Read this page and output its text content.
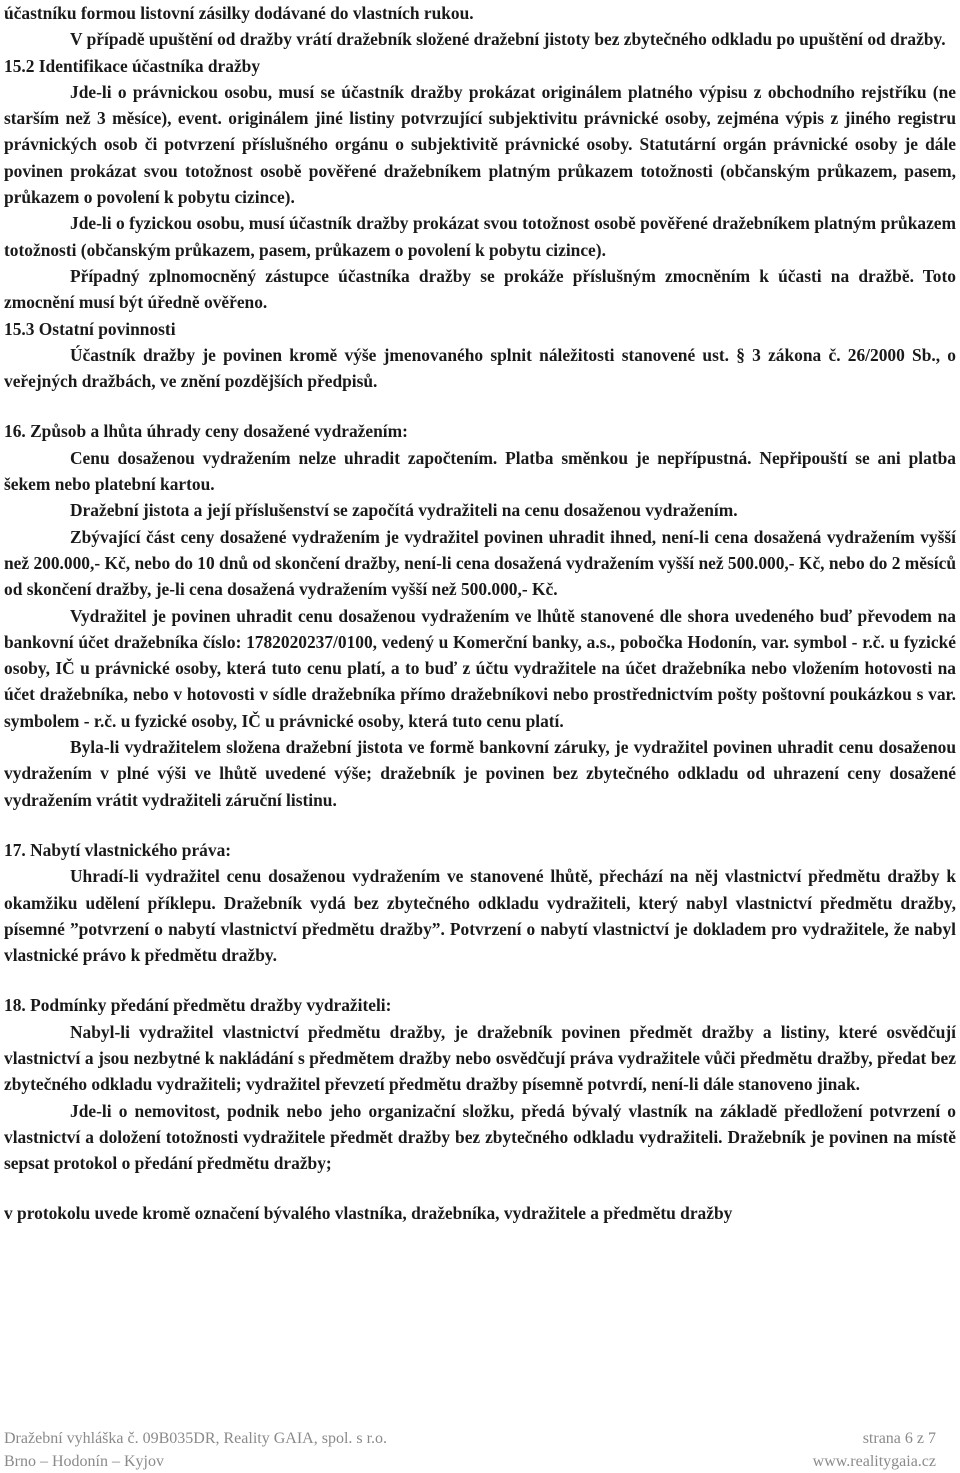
účastníku formou listovní zásilky dodávané do vlastních rukou.

V případě upuštění od dražby vrátí dražebník složené dražební jistoty bez zbytečného odkladu po upuštění od dražby.

15.2 Identifikace účastníka dražby

Jde-li o právnickou osobu, musí se účastník dražby prokázat originálem platného výpisu z obchodního rejstříku (ne starším než 3 měsíce), event. originálem jiné listiny potvrzující subjektivitu právnické osoby, zejména výpis z jiného registru právnických osob či potvrzení příslušného orgánu o subjektivitě právnické osoby. Statutární orgán právnické osoby je dále povinen prokázat svou totožnost osobě pověřené dražebníkem platným průkazem totožnosti (občanským průkazem, pasem, průkazem o povolení k pobytu cizince).

Jde-li o fyzickou osobu, musí účastník dražby prokázat svou totožnost osobě pověřené dražebníkem platným průkazem totožnosti (občanským průkazem, pasem, průkazem o povolení k pobytu cizince).

Případný zplnomocněný zástupce účastníka dražby se prokáže příslušným zmocněním k účasti na dražbě. Toto zmocnění musí být úředně ověřeno.

15.3 Ostatní povinnosti

Účastník dražby je povinen kromě výše jmenovaného splnit náležitosti stanovené ust. § 3 zákona č. 26/2000 Sb., o veřejných dražbách, ve znění pozdějších předpisů.

16. Způsob a lhůta úhrady ceny dosažené vydražením:

Cenu dosaženou vydražením nelze uhradit započtením. Platba směnkou je nepřípustná. Nepřipouští se ani platba šekem nebo platební kartou.

Dražební jistota a její příslušenství se započítá vydražiteli na cenu dosaženou vydražením.

Zbývající část ceny dosažené vydražením je vydražitel povinen uhradit ihned, není-li cena dosažená vydražením vyšší než 200.000,- Kč, nebo do 10 dnů od skončení dražby, není-li cena dosažená vydražením vyšší než 500.000,- Kč, nebo do 2 měsíců od skončení dražby, je-li cena dosažená vydražením vyšší než 500.000,- Kč.

Vydražitel je povinen uhradit cenu dosaženou vydražením ve lhůtě stanovené dle shora uvedeného buď převodem na bankovní účet dražebníka číslo: 1782020237/0100, vedený u Komerční banky, a.s., pobočka Hodonín, var. symbol - r.č. u fyzické osoby, IČ u právnické osoby, která tuto cenu platí, a to buď z účtu vydražitele na účet dražebníka nebo vložením hotovosti na účet dražebníka, nebo v hotovosti v sídle dražebníka přímo dražebníkovi nebo prostřednictvím pošty poštovní poukázkou s var. symbolem - r.č. u fyzické osoby, IČ u právnické osoby, která tuto cenu platí.

Byla-li vydražitelem složena dražební jistota ve formě bankovní záruky, je vydražitel povinen uhradit cenu dosaženou vydražením v plné výši ve lhůtě uvedené výše; dražebník je povinen bez zbytečného odkladu od uhrazení ceny dosažené vydražením vrátit vydražiteli záruční listinu.

17. Nabytí vlastnického práva:

Uhradí-li vydražitel cenu dosaženou vydražením ve stanovené lhůtě, přechází na něj vlastnictví předmětu dražby k okamžiku udělení příklepu. Dražebník vydá bez zbytečného odkladu vydražiteli, který nabyl vlastnictví předmětu dražby, písemné ”potvrzení o nabytí vlastnictví předmětu dražby”. Potvrzení o nabytí vlastnictví je dokladem pro vydražitele, že nabyl vlastnické právo k předmětu dražby.

18. Podmínky předání předmětu dražby vydražiteli:

Nabyl-li vydražitel vlastnictví předmětu dražby, je dražebník povinen předmět dražby a listiny, které osvědčují vlastnictví a jsou nezbytné k nakládání s předmětem dražby nebo osvědčují práva vydražitele vůči předmětu dražby, předat bez zbytečného odkladu vydražiteli; vydražitel převzetí předmětu dražby písemně potvrdí, není-li dále stanoveno jinak.

Jde-li o nemovitost, podnik nebo jeho organizační složku, předá bývalý vlastník na základě předložení potvrzení o vlastnictví a doložení totožnosti vydražitele předmět dražby bez zbytečného odkladu vydražiteli. Dražebník je povinen na místě sepsat protokol o předání předmětu dražby;

v protokolu uvede kromě označení bývalého vlastníka, dražebníka, vydražitele a předmětu dražby

Dražební vyhláška č. 09B035DR, Reality GAIA, spol. s r.o.	strana 6 z 7
Brno – Hodonín – Kyjov	www.realitygaia.cz
